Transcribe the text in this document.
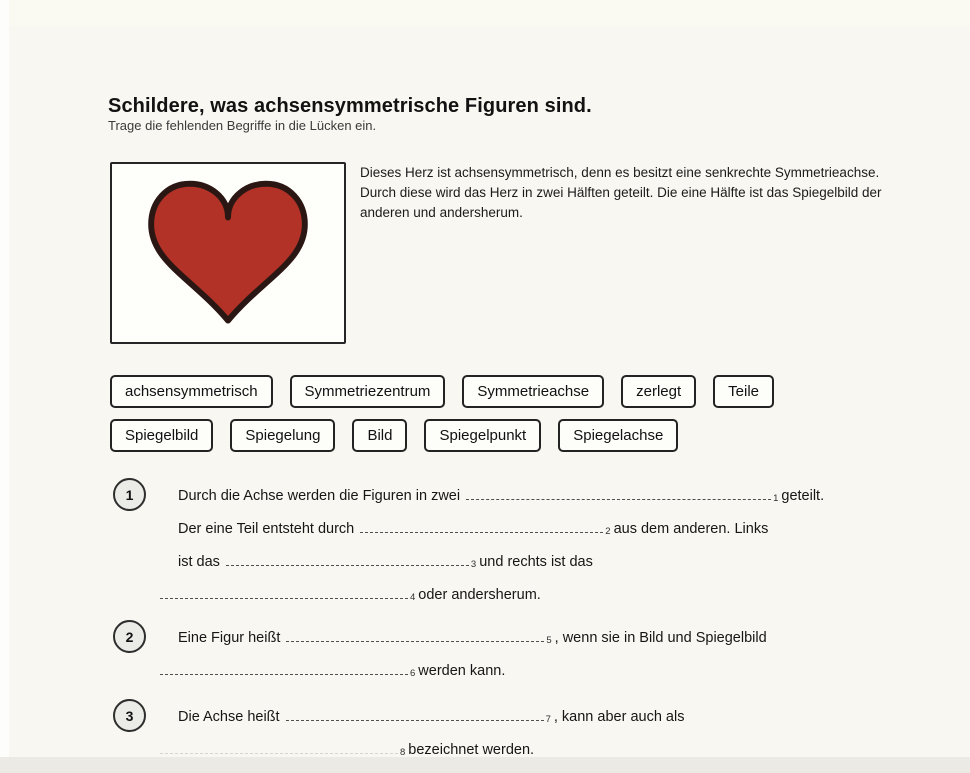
Schildere, was achsensymmetrische Figuren sind.
Trage die fehlenden Begriffe in die Lücken ein.

Dieses Herz ist achsensymmetrisch, denn es besitzt eine senkrechte Symmetrieachse.

Durch diese wird das Herz in zwei Hälften geteilt. Die eine Hälfte ist das Spiegelbild der anderen und andersherum.

achsensymmetrisch	Symmetriezentrum	Symmetrieachse	zerlegt	Teile
Spiegelbild	Spiegelung	Bild	Spiegelpunkt	Spiegelachse
1	Durch die Achse werden die Figuren in zwei	1 geteilt.
Der eine Teil entsteht durch	2 aus dem anderen. Links
ist das	3 und rechts ist das
4 oder andersherum.
2	Eine Figur heißt	5 , wenn sie in Bild und Spiegelbild
6 werden kann.
3	Die Achse heißt	7 , kann aber auch als
8 bezeichnet werden.
